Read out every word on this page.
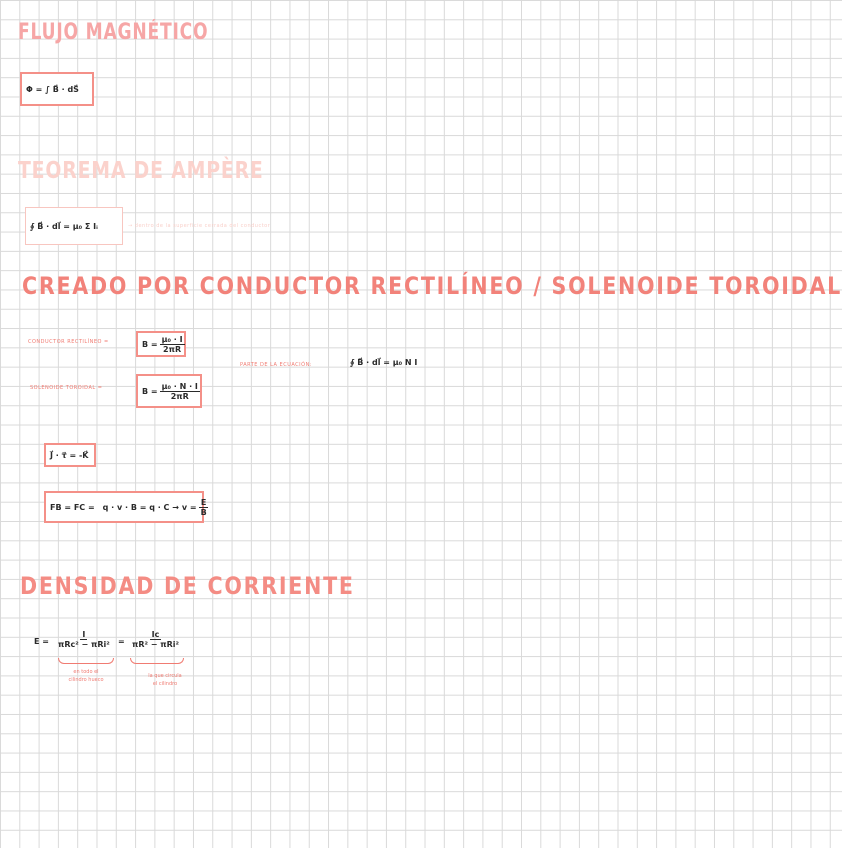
FLUJO MAGNÉTICO
TEOREMA DE AMPÈRE
CREADO POR CONDUCTOR RECTILÍNEO / SOLENOIDE TOROIDAL
DENSIDAD DE CORRIENTE
Φ = ∫ B⃗ · dS⃗
∮ B⃗ · dl⃗ = μ₀ Σ Iᵢ	→ dentro de la superficie cerrada del conductor
CONDUCTOR RECTILÍNEO =	$B = \frac{\text{μ₀ · I}}{2\pi R}$
SOLENOIDE TOROIDAL =	$B = \frac{\text{μ₀ · N · I}}{2\pi R}$
PARTE DE LA ECUACIÓN:	∮ B⃗ · dl⃗ = μ₀ N I
J⃗ · τ⃗ = -K⃗
FB = FC = $q \cdot v \cdot B = q \cdot C \to v = \frac{E}{B}$
$E = \frac{I}{\text{πRc² − πRi²}} = \frac{Ic}{\text{πR² − πRi²}}$
en todo el
cilindro hueco
la que circula
el cilindro
